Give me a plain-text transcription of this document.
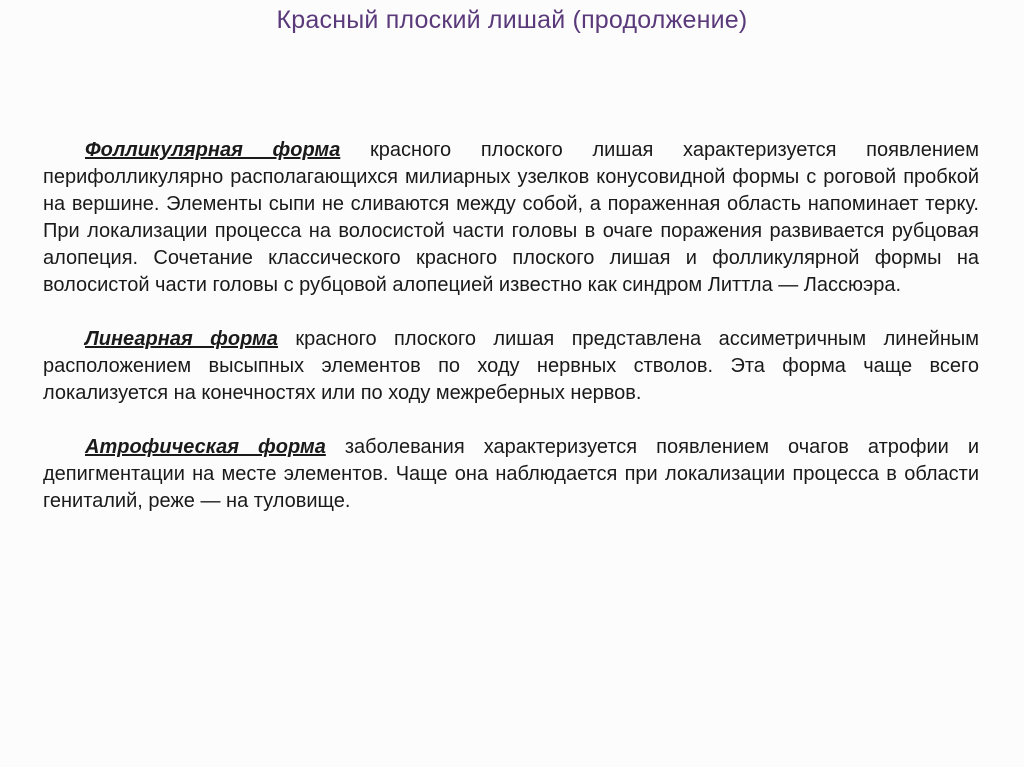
Красный плоский лишай (продолжение)

Фолликулярная форма красного плоского лишая характеризуется появлением перифолликулярно располагающихся милиарных узелков конусовидной формы с роговой пробкой на вершине. Элементы сыпи не сливаются между собой, а пораженная область напоминает терку. При локализации процесса на волосистой части головы в очаге поражения развивается рубцовая алопеция. Сочетание классического красного плоского лишая и фолликулярной формы на волосистой части головы с рубцовой алопецией известно как синдром Литтла — Лассюэра.

Линеарная форма красного плоского лишая представлена ассиметричным линейным расположением высыпных элементов по ходу нервных стволов. Эта форма чаще всего локализуется на конечностях или по ходу межреберных нервов.

Атрофическая форма заболевания характеризуется появлением очагов атрофии и депигментации на месте элементов. Чаще она наблюдается при локализации процесса в области гениталий, реже — на туловище.
